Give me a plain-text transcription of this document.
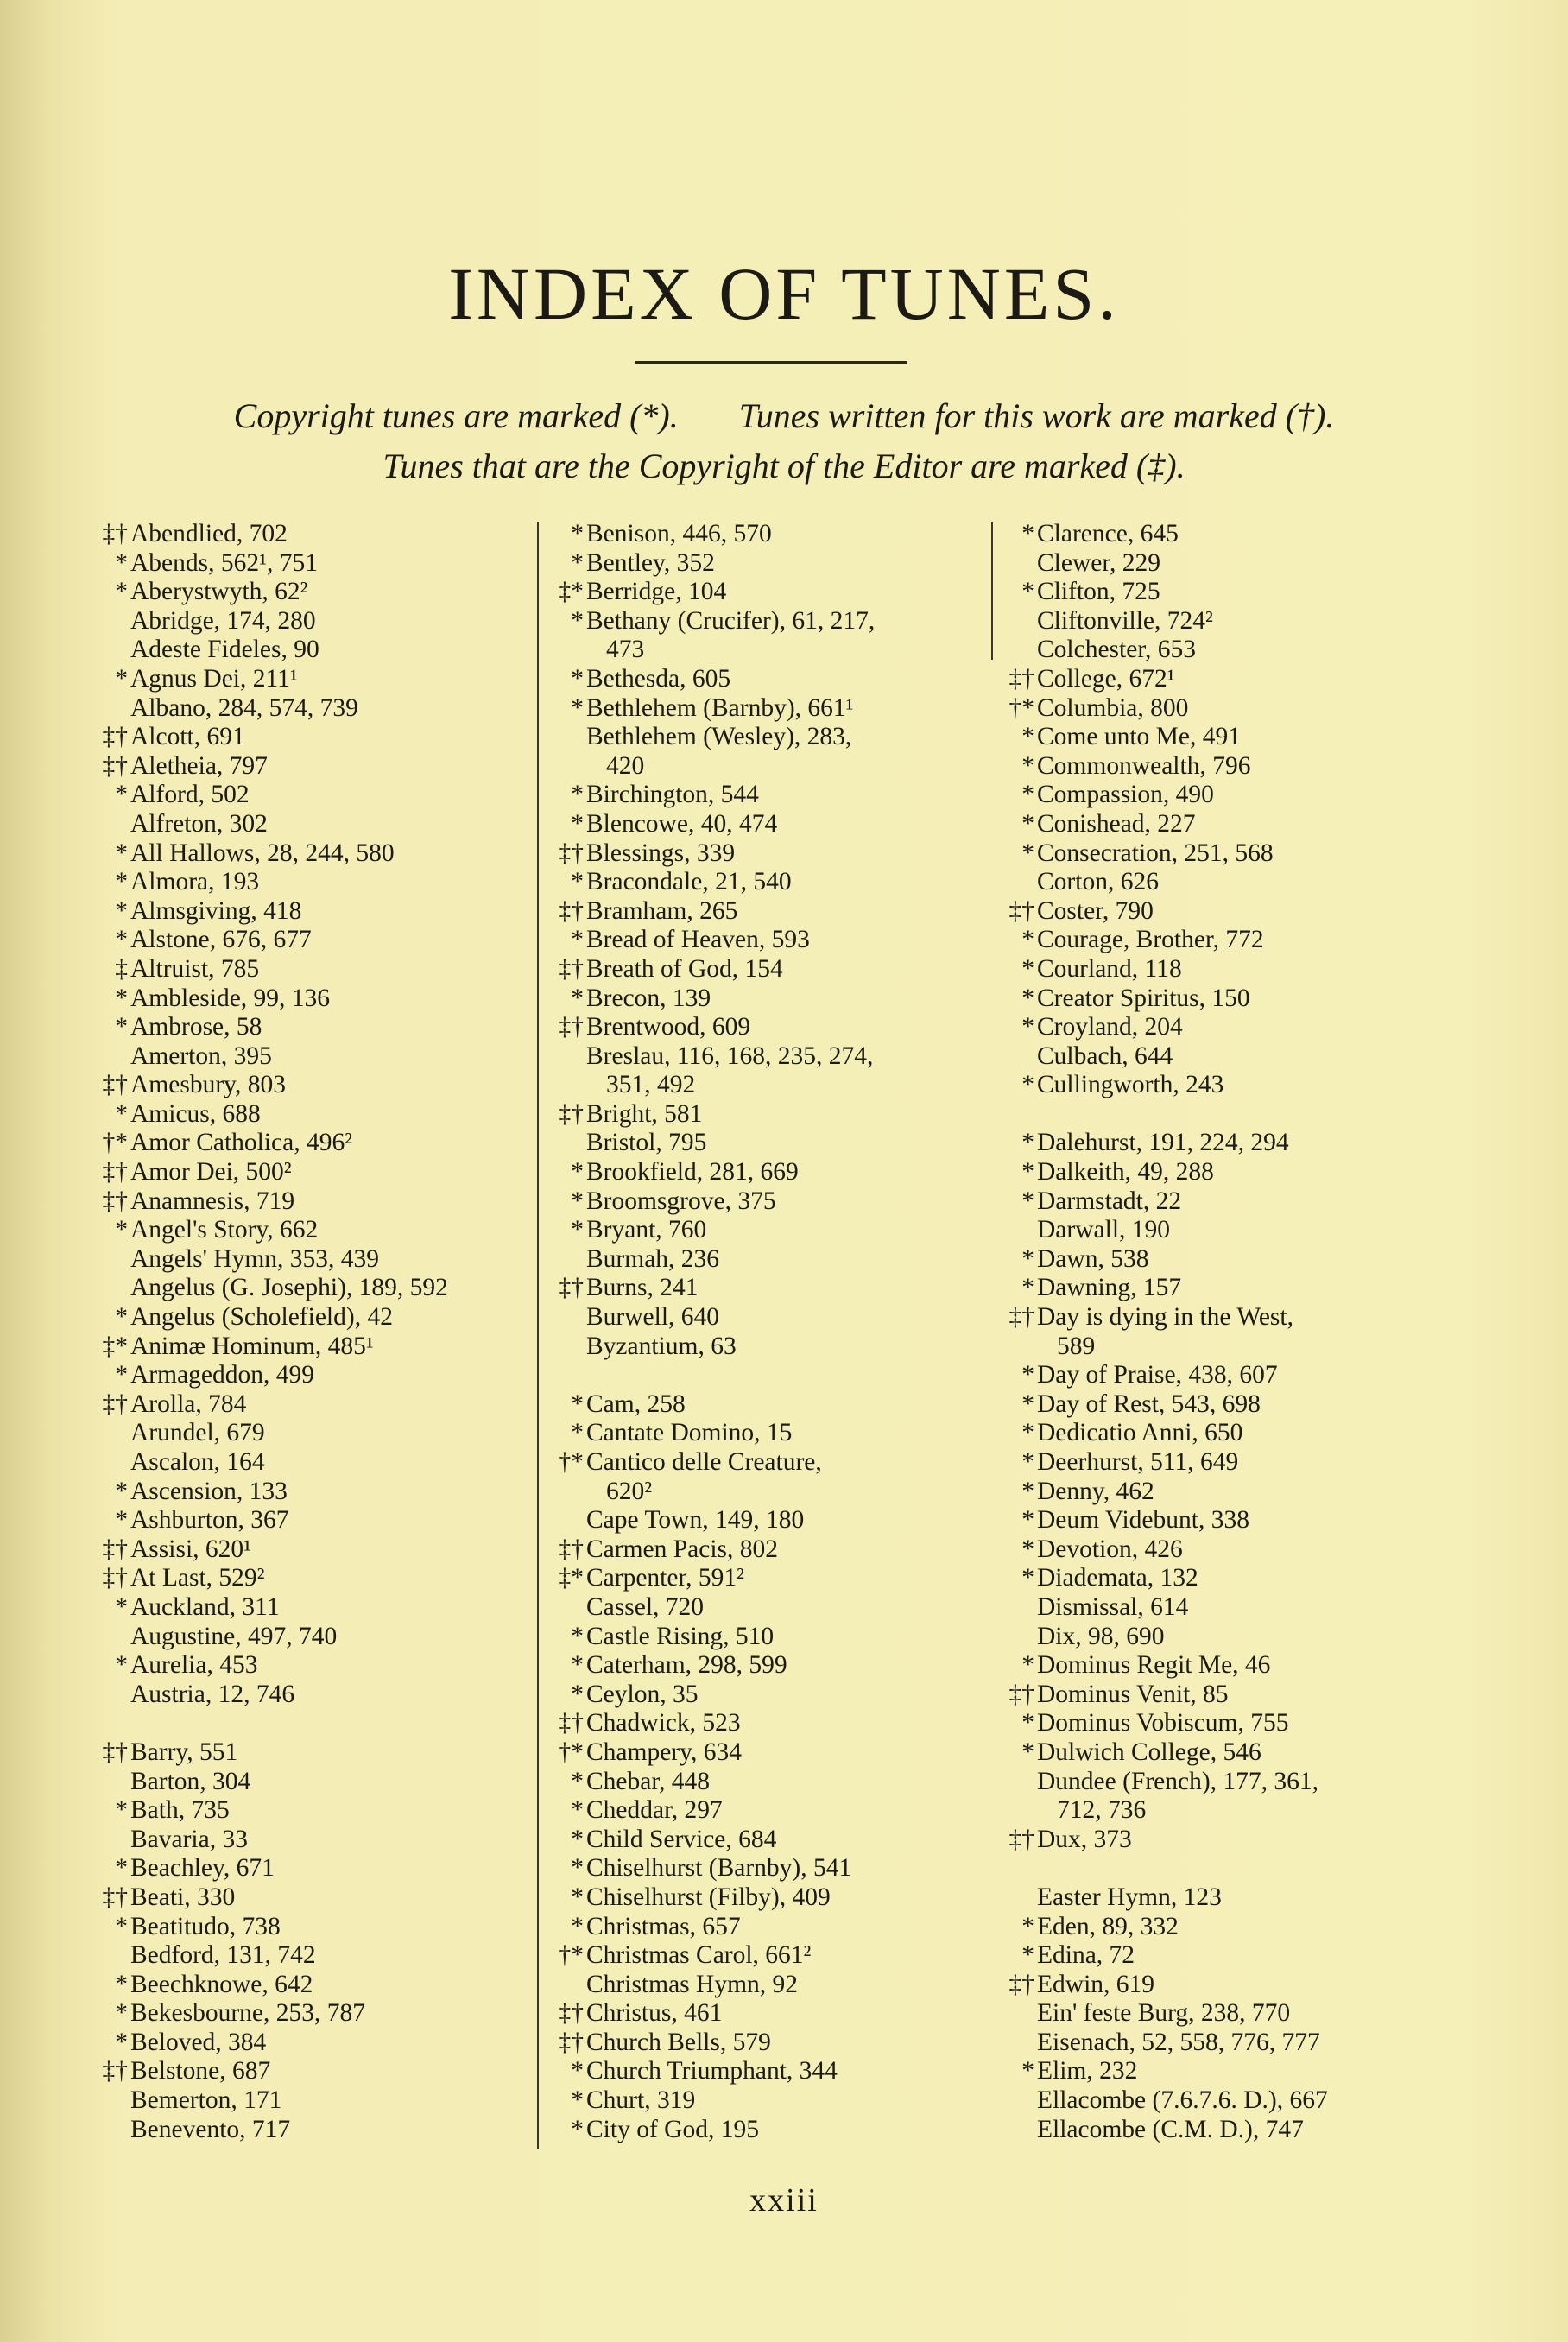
INDEX OF TUNES.
Copyright tunes are marked (*). Tunes written for this work are marked (†).
Tunes that are the Copyright of the Editor are marked (‡).
‡† Abendlied, 702
* Abends, 562¹, 751
* Aberystwyth, 62²
Abridge, 174, 280
Adeste Fideles, 90
* Agnus Dei, 211¹
Albano, 284, 574, 739
‡† Alcott, 691
‡† Aletheia, 797
* Alford, 502
Alfreton, 302
* All Hallows, 28, 244, 580
* Almora, 193
* Almsgiving, 418
* Alstone, 676, 677
‡ Altruist, 785
* Ambleside, 99, 136
* Ambrose, 58
Amerton, 395
‡† Amesbury, 803
* Amicus, 688
†* Amor Catholica, 496²
‡† Amor Dei, 500²
‡† Anamnesis, 719
* Angel's Story, 662
Angels' Hymn, 353, 439
Angelus (G. Josephi), 189, 592
* Angelus (Scholefield), 42
‡* Animæ Hominum, 485¹
* Armageddon, 499
‡† Arolla, 784
Arundel, 679
Ascalon, 164
* Ascension, 133
* Ashburton, 367
‡† Assisi, 620¹
‡† At Last, 529²
* Auckland, 311
Augustine, 497, 740
* Aurelia, 453
Austria, 12, 746
‡† Barry, 551
Barton, 304
* Bath, 735
Bavaria, 33
* Beachley, 671
‡† Beati, 330
* Beatitudo, 738
Bedford, 131, 742
* Beechknowe, 642
* Bekesbourne, 253, 787
* Beloved, 384
‡† Belstone, 687
Bemerton, 171
Benevento, 717
* Benison, 446, 570
* Bentley, 352
‡* Berridge, 104
* Bethany (Crucifer), 61, 217,
473
* Bethesda, 605
* Bethlehem (Barnby), 661¹
Bethlehem (Wesley), 283,
420
* Birchington, 544
* Blencowe, 40, 474
‡† Blessings, 339
* Bracondale, 21, 540
‡† Bramham, 265
* Bread of Heaven, 593
‡† Breath of God, 154
* Brecon, 139
‡† Brentwood, 609
Breslau, 116, 168, 235, 274,
351, 492
‡† Bright, 581
Bristol, 795
* Brookfield, 281, 669
* Broomsgrove, 375
* Bryant, 760
Burmah, 236
‡† Burns, 241
Burwell, 640
Byzantium, 63
* Cam, 258
* Cantate Domino, 15
†* Cantico delle Creature,
620²
Cape Town, 149, 180
‡† Carmen Pacis, 802
‡* Carpenter, 591²
Cassel, 720
* Castle Rising, 510
* Caterham, 298, 599
* Ceylon, 35
‡† Chadwick, 523
†* Champery, 634
* Chebar, 448
* Cheddar, 297
* Child Service, 684
* Chiselhurst (Barnby), 541
* Chiselhurst (Filby), 409
* Christmas, 657
†* Christmas Carol, 661²
Christmas Hymn, 92
‡† Christus, 461
‡† Church Bells, 579
* Church Triumphant, 344
* Churt, 319
* City of God, 195
* Clarence, 645
Clewer, 229
* Clifton, 725
Cliftonville, 724²
Colchester, 653
‡† College, 672¹
†* Columbia, 800
* Come unto Me, 491
* Commonwealth, 796
* Compassion, 490
* Conishead, 227
* Consecration, 251, 568
Corton, 626
‡† Coster, 790
* Courage, Brother, 772
* Courland, 118
* Creator Spiritus, 150
* Croyland, 204
Culbach, 644
* Cullingworth, 243
* Dalehurst, 191, 224, 294
* Dalkeith, 49, 288
* Darmstadt, 22
Darwall, 190
* Dawn, 538
* Dawning, 157
‡† Day is dying in the West,
589
* Day of Praise, 438, 607
* Day of Rest, 543, 698
* Dedicatio Anni, 650
* Deerhurst, 511, 649
* Denny, 462
* Deum Videbunt, 338
* Devotion, 426
* Diademata, 132
Dismissal, 614
Dix, 98, 690
* Dominus Regit Me, 46
‡† Dominus Venit, 85
* Dominus Vobiscum, 755
* Dulwich College, 546
Dundee (French), 177, 361,
712, 736
‡† Dux, 373
Easter Hymn, 123
* Eden, 89, 332
* Edina, 72
‡† Edwin, 619
Ein' feste Burg, 238, 770
Eisenach, 52, 558, 776, 777
* Elim, 232
Ellacombe (7.6.7.6. D.), 667
Ellacombe (C.M. D.), 747
xxiii
